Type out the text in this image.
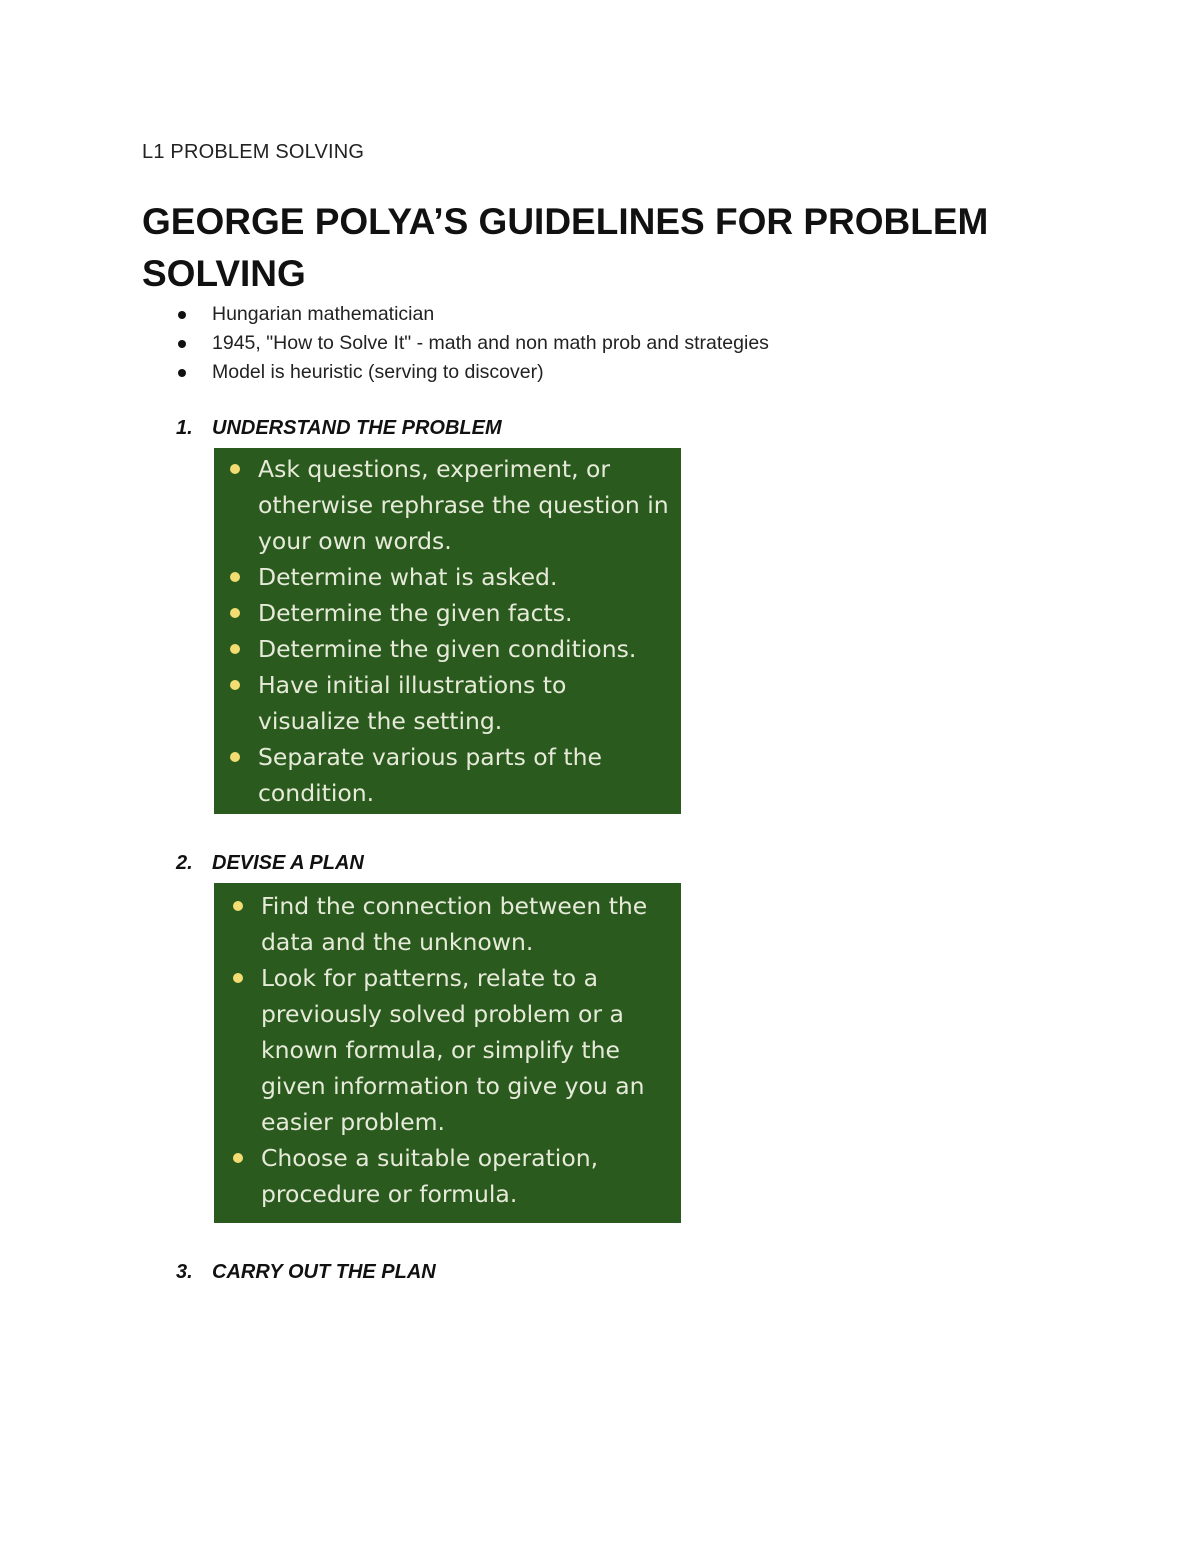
L1 PROBLEM SOLVING
GEORGE POLYA’S GUIDELINES FOR PROBLEM SOLVING
Hungarian mathematician
1945, "How to Solve It" - math and non math prob and strategies
Model is heuristic (serving to discover)
1. UNDERSTAND THE PROBLEM
Ask questions, experiment, or otherwise rephrase the question in your own words.
Determine what is asked.
Determine the given facts.
Determine the given conditions.
Have initial illustrations to visualize the setting.
Separate various parts of the condition.
2. DEVISE A PLAN
Find the connection between the data and the unknown.
Look for patterns, relate to a previously solved problem or a known formula, or simplify the given information to give you an easier problem.
Choose a suitable operation, procedure or formula.
3. CARRY OUT THE PLAN
